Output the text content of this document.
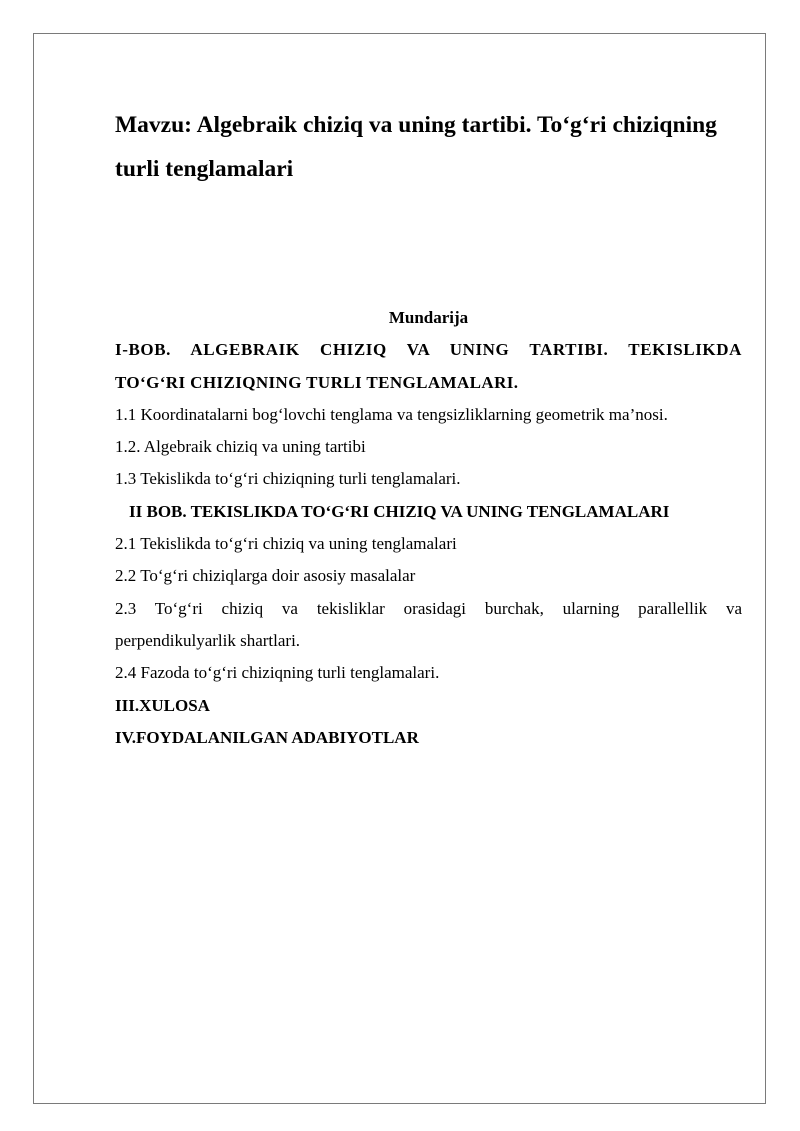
Mavzu: Algebraik chiziq va uning tartibi. To‘g‘ri chiziqning
turli tenglamalari

Mundarija

I-BOB. ALGEBRAIK CHIZIQ VA UNING TARTIBI. TEKISLIKDA

TO‘G‘RI CHIZIQNING TURLI TENGLAMALARI.

1.1 Koordinatalarni bog‘lovchi tenglama va tengsizliklarning geometrik ma’nosi.

1.2. Algebraik chiziq va uning tartibi

1.3 Tekislikda to‘g‘ri chiziqning turli tenglamalari.

II BOB. TEKISLIKDA TO‘G‘RI CHIZIQ VA UNING TENGLAMALARI

2.1 Tekislikda to‘g‘ri chiziq va uning tenglamalari

2.2 To‘g‘ri chiziqlarga doir asosiy masalalar

2.3 To‘g‘ri chiziq va tekisliklar orasidagi burchak, ularning parallellik va

perpendikulyarlik shartlari.

2.4 Fazoda to‘g‘ri chiziqning turli tenglamalari.

III.XULOSA

IV.FOYDALANILGAN ADABIYOTLAR
